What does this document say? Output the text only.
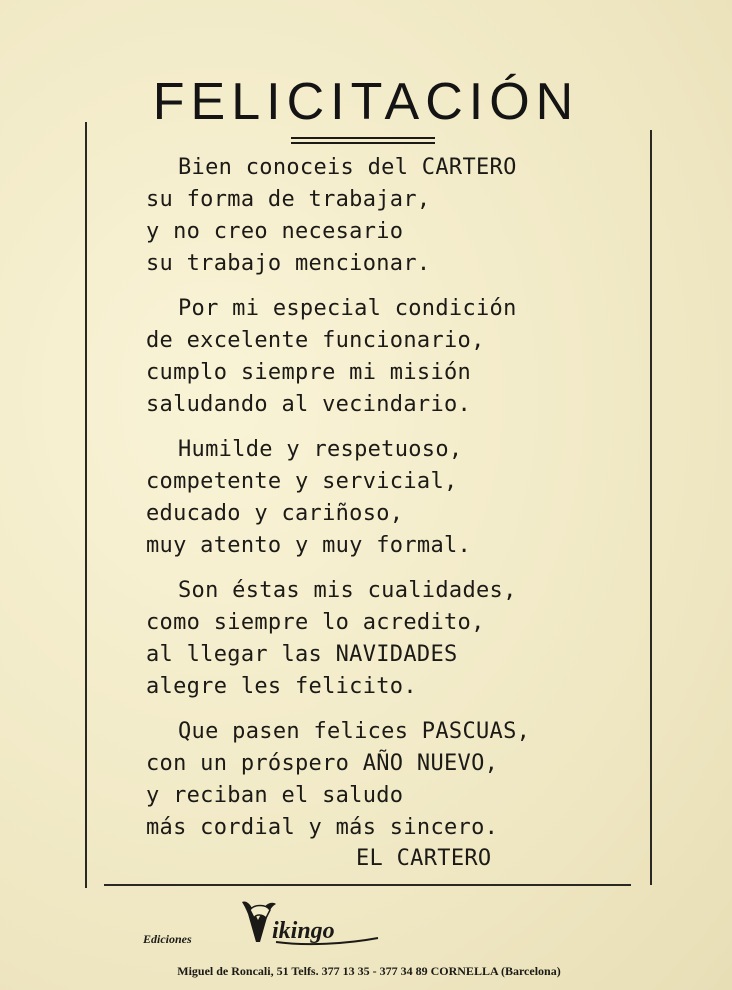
FELICITACIÓN
Bien conoceis del CARTERO
su forma de trabajar,
y no creo necesario
su trabajo mencionar.
Por mi especial condición
de excelente funcionario,
cumplo siempre mi misión
saludando al vecindario.
Humilde y respetuoso,
competente y servicial,
educado y cariñoso,
muy atento y muy formal.
Son éstas mis cualidades,
como siempre lo acredito,
al llegar las NAVIDADES
alegre les felicito.
Que pasen felices PASCUAS,
con un próspero AÑO NUEVO,
y reciban el saludo
más cordial y más sincero.
EL CARTERO
Ediciones	ikingo
Miguel de Roncali, 51 Telfs. 377 13 35 - 377 34 89 CORNELLA (Barcelona)
